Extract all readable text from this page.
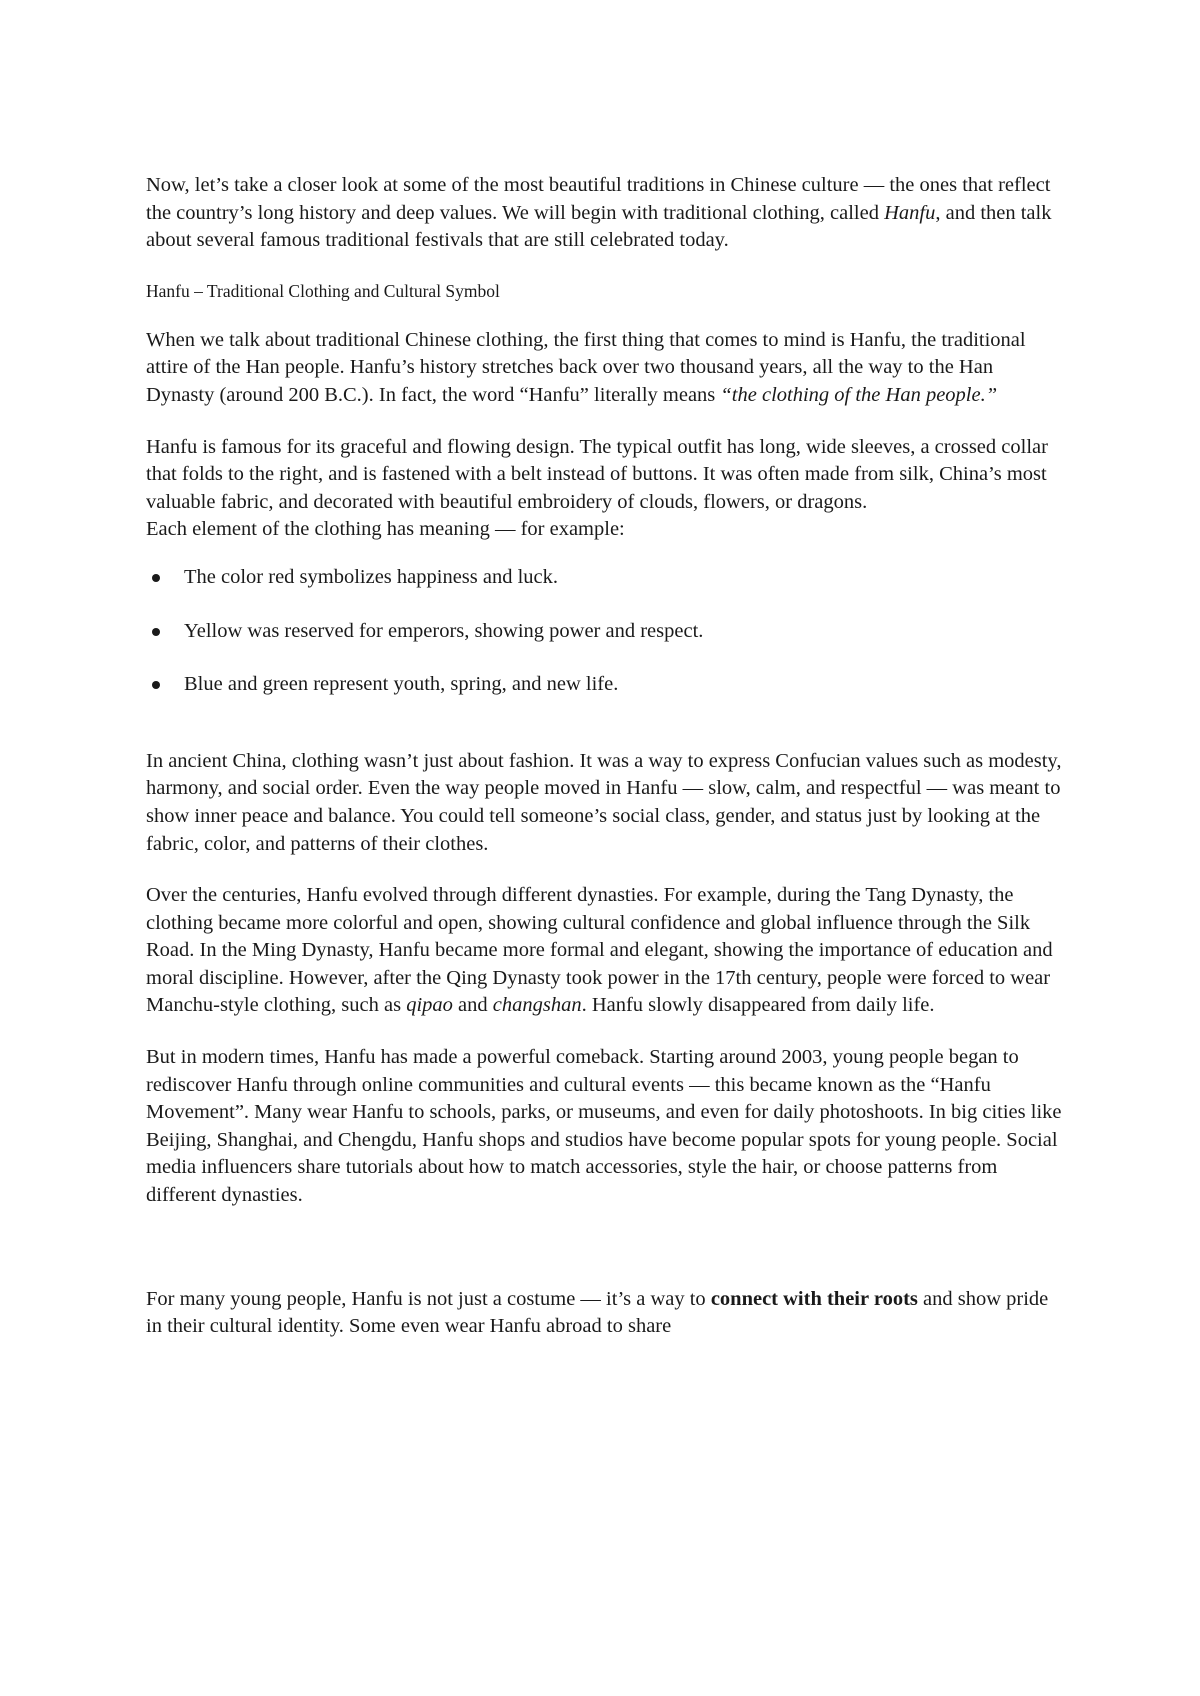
Now, let’s take a closer look at some of the most beautiful traditions in Chinese culture — the ones that reflect the country’s long history and deep values. We will begin with traditional clothing, called Hanfu, and then talk about several famous traditional festivals that are still celebrated today.

Hanfu – Traditional Clothing and Cultural Symbol

When we talk about traditional Chinese clothing, the first thing that comes to mind is Hanfu, the traditional attire of the Han people. Hanfu’s history stretches back over two thousand years, all the way to the Han Dynasty (around 200 B.C.). In fact, the word “Hanfu” literally means “the clothing of the Han people.”

Hanfu is famous for its graceful and flowing design. The typical outfit has long, wide sleeves, a crossed collar that folds to the right, and is fastened with a belt instead of buttons. It was often made from silk, China’s most valuable fabric, and decorated with beautiful embroidery of clouds, flowers, or dragons.

Each element of the clothing has meaning — for example:

The color red symbolizes happiness and luck.
Yellow was reserved for emperors, showing power and respect.
Blue and green represent youth, spring, and new life.

In ancient China, clothing wasn’t just about fashion. It was a way to express Confucian values such as modesty, harmony, and social order. Even the way people moved in Hanfu — slow, calm, and respectful — was meant to show inner peace and balance. You could tell someone’s social class, gender, and status just by looking at the fabric, color, and patterns of their clothes.

Over the centuries, Hanfu evolved through different dynasties. For example, during the Tang Dynasty, the clothing became more colorful and open, showing cultural confidence and global influence through the Silk Road. In the Ming Dynasty, Hanfu became more formal and elegant, showing the importance of education and moral discipline. However, after the Qing Dynasty took power in the 17th century, people were forced to wear Manchu-style clothing, such as qipao and changshan. Hanfu slowly disappeared from daily life.

But in modern times, Hanfu has made a powerful comeback. Starting around 2003, young people began to rediscover Hanfu through online communities and cultural events — this became known as the “Hanfu Movement”. Many wear Hanfu to schools, parks, or museums, and even for daily photoshoots. In big cities like Beijing, Shanghai, and Chengdu, Hanfu shops and studios have become popular spots for young people. Social media influencers share tutorials about how to match accessories, style the hair, or choose patterns from different dynasties.

For many young people, Hanfu is not just a costume — it’s a way to connect with their roots and show pride in their cultural identity. Some even wear Hanfu abroad to share
